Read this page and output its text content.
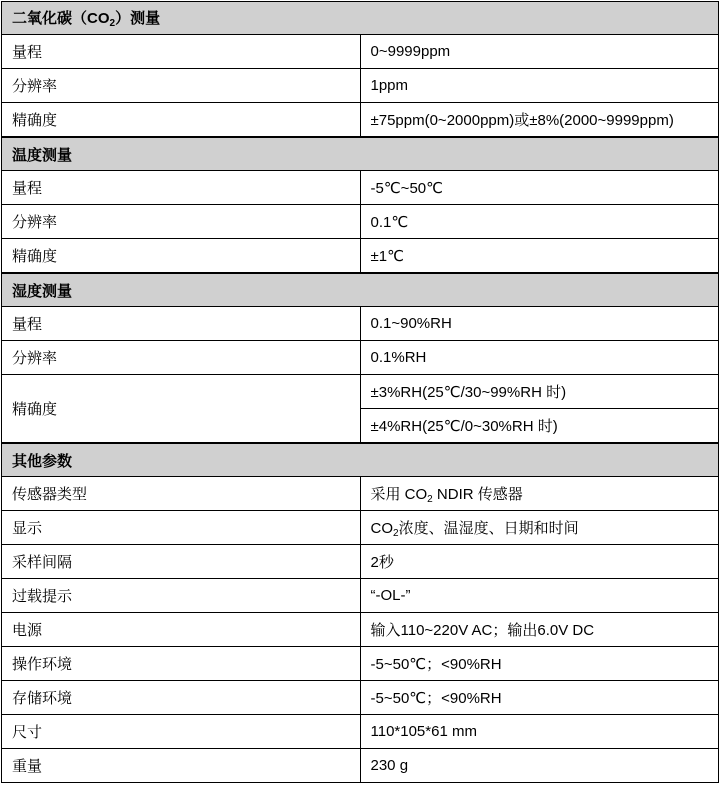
二氧化碳$(CO_2)$测量	
量程	0~9999ppm
分辨率	1ppm
精确度	±75ppm(0~2000ppm)或±8%(2000~9999ppm)
温度测量	
量程	-5℃~50℃
分辨率	0.1℃
精确度	±1℃
湿度测量	
量程	0.1~90%RH
分辨率	0.1%RH
精确度	±3%RH(25℃/30~99%RH 时)
	±4%RH(25℃/0~30%RH 时)
其他参数	
传感器类型	采用 $CO_2$ NDIR 传感器
显示	$CO_2$浓度、温湿度、日期和时间
采样间隔	2秒
过载提示	“-OL-”
电源	输入110~220V AC；输出6.0V DC
操作环境	-5~50℃；<90%RH
存储环境	-5~50℃；<90%RH
尺寸	110*105*61 mm
重量	230 g
